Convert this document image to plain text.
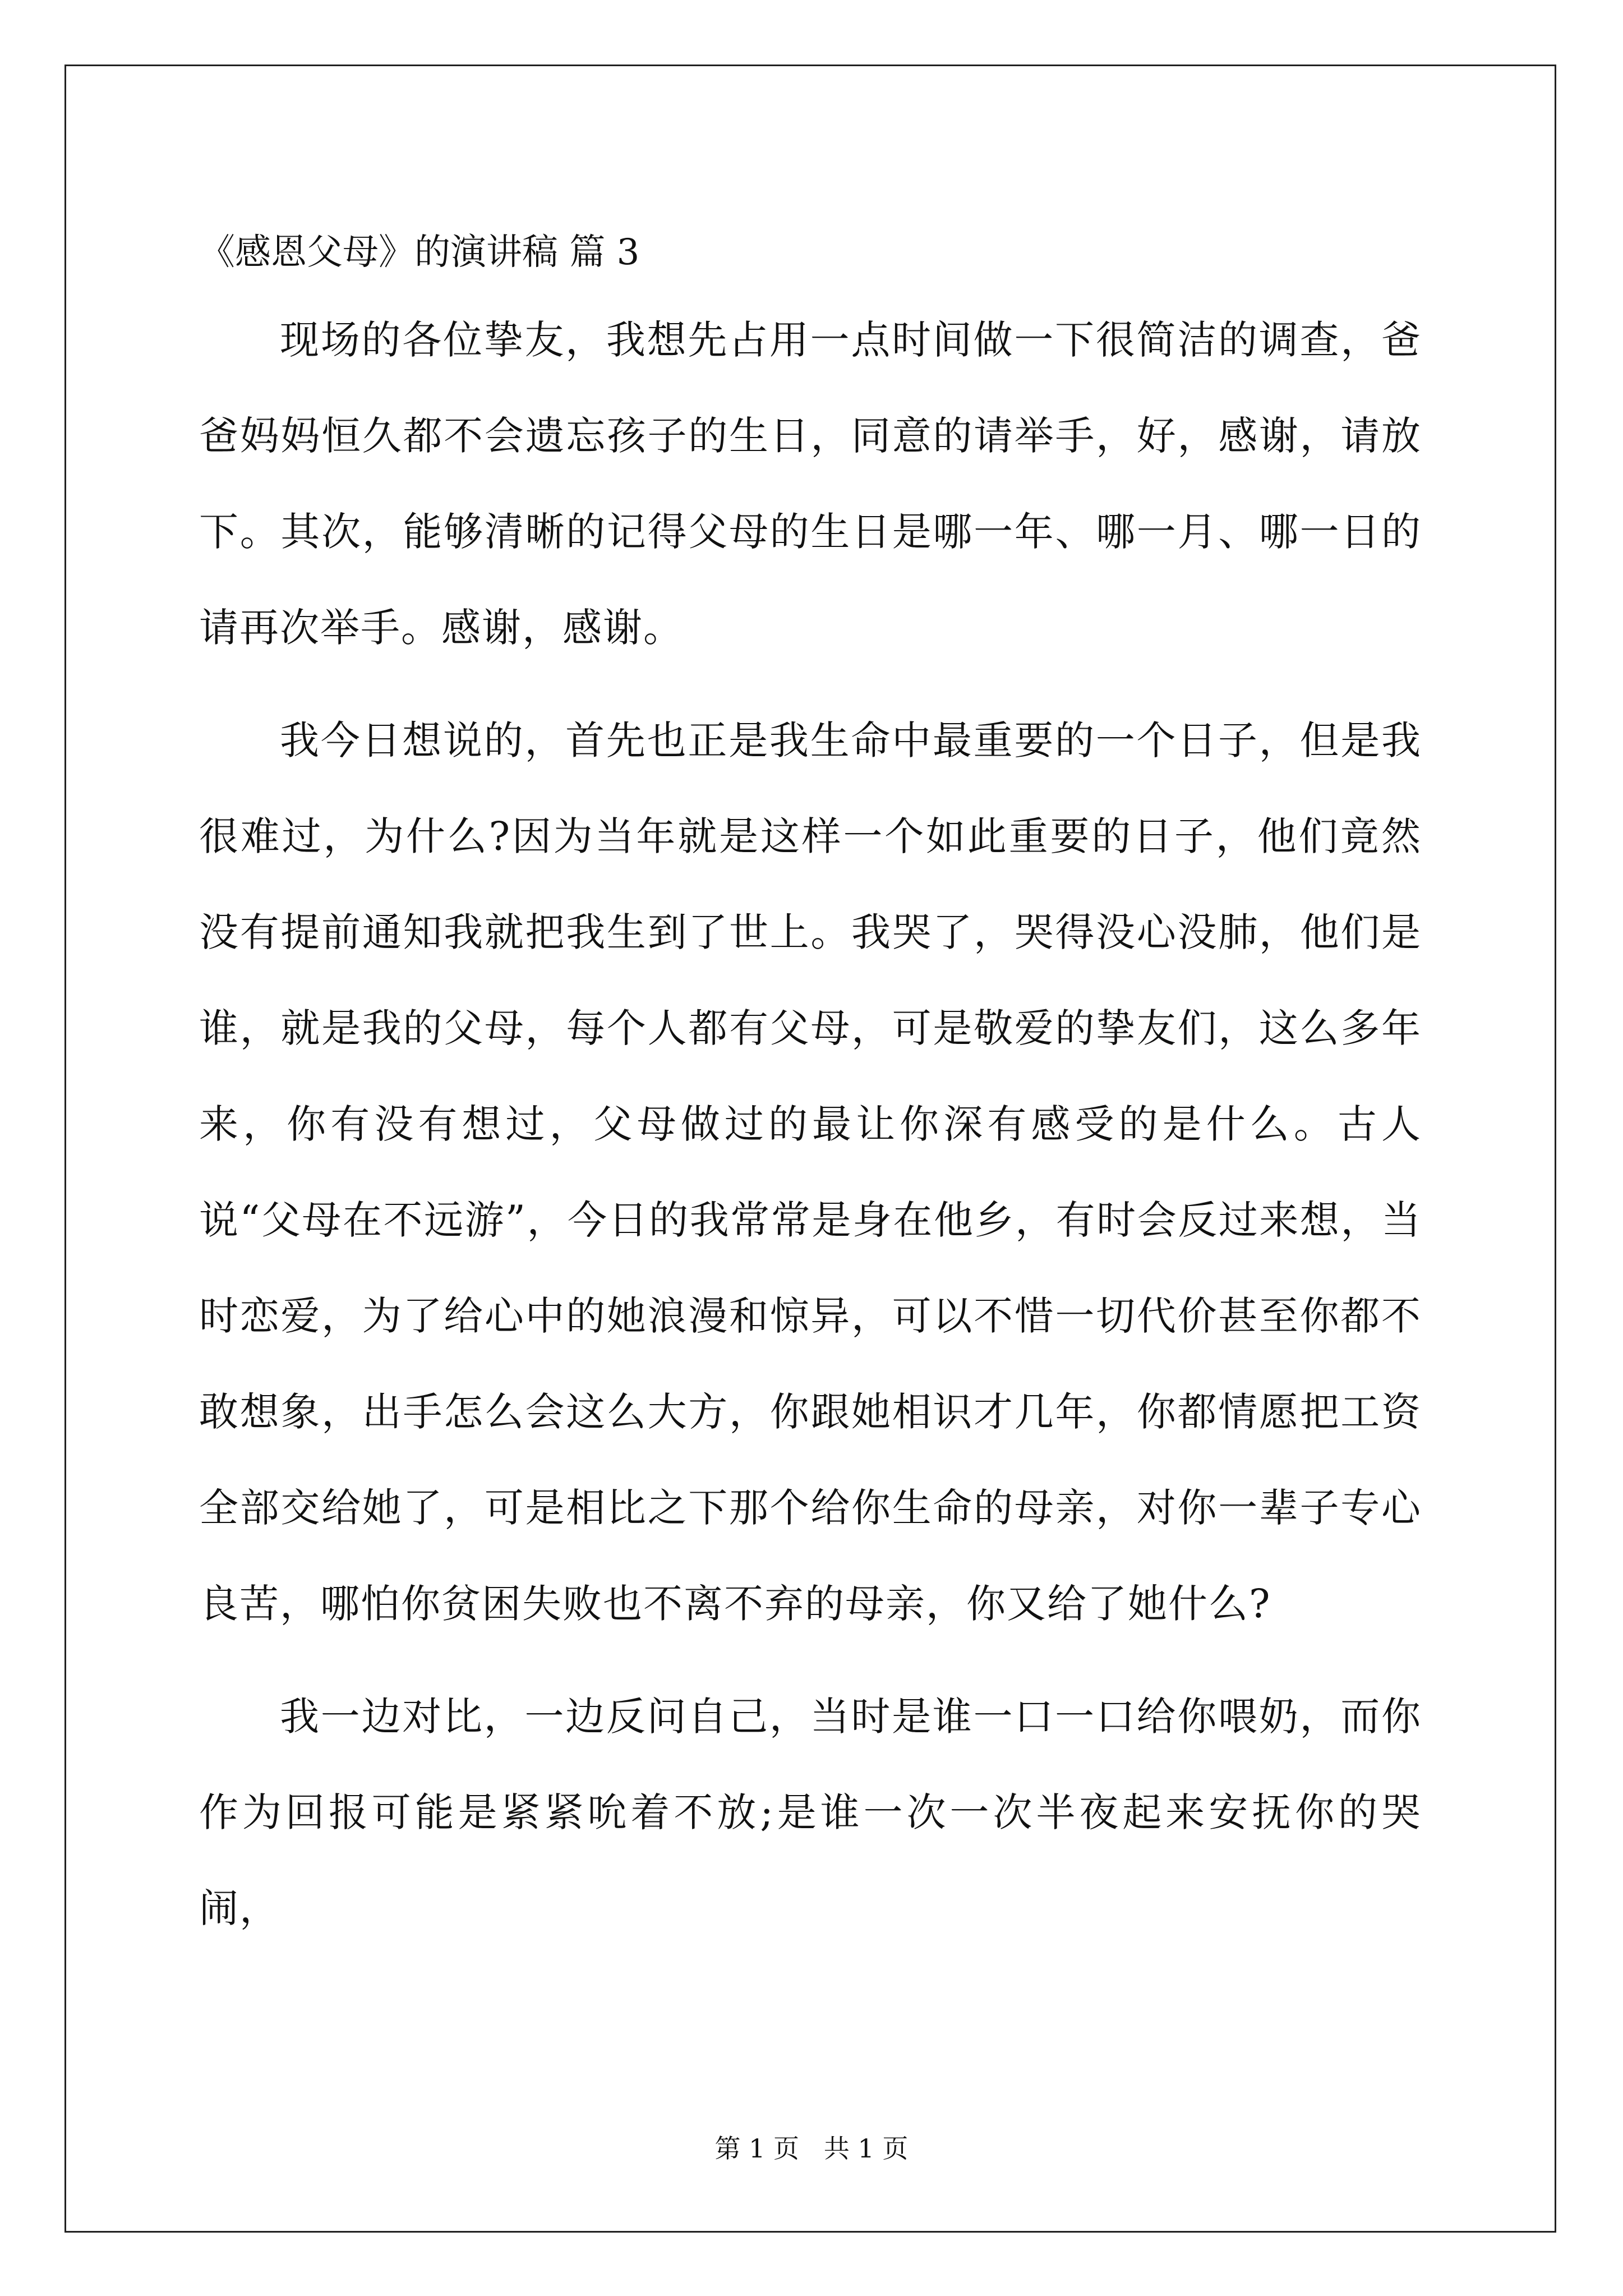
《感恩父母》的演讲稿 篇 3

现场的各位挚友，我想先占用一点时间做一下很简洁的调查，爸爸妈妈恒久都不会遗忘孩子的生日，同意的请举手，好，感谢，请放下。其次，能够清晰的记得父母的生日是哪一年、哪一月、哪一日的请再次举手。感谢，感谢。

我今日想说的，首先也正是我生命中最重要的一个日子，但是我很难过，为什么?因为当年就是这样一个如此重要的日子，他们竟然没有提前通知我就把我生到了世上。我哭了，哭得没心没肺，他们是谁，就是我的父母，每个人都有父母，可是敬爱的挚友们，这么多年来，你有没有想过，父母做过的最让你深有感受的是什么。古人说“父母在不远游”，今日的我常常是身在他乡，有时会反过来想，当时恋爱，为了给心中的她浪漫和惊异，可以不惜一切代价甚至你都不敢想象，出手怎么会这么大方，你跟她相识才几年，你都情愿把工资全部交给她了，可是相比之下那个给你生命的母亲，对你一辈子专心良苦，哪怕你贫困失败也不离不弃的母亲，你又给了她什么?

我一边对比，一边反问自己，当时是谁一口一口给你喂奶，而你作为回报可能是紧紧吮着不放;是谁一次一次半夜起来安抚你的哭闹，

第 1 页   共 1 页
